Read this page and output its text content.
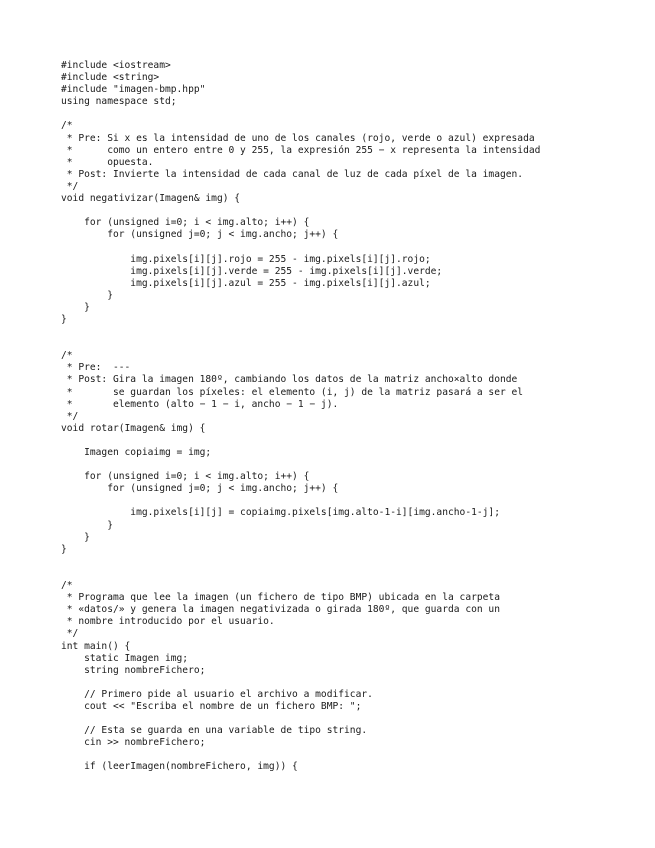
#include <iostream>
#include <string>
#include "imagen-bmp.hpp"
using namespace std;
/*
* Pre: Si x es la intensidad de uno de los canales (rojo, verde o azul) expresada
*      como un entero entre 0 y 255, la expresión 255 − x representa la intensidad
*      opuesta.
* Post: Invierte la intensidad de cada canal de luz de cada píxel de la imagen.
*/
void negativizar(Imagen& img) {
for (unsigned i=0; i < img.alto; i++) {
for (unsigned j=0; j < img.ancho; j++) {
img.pixels[i][j].rojo = 255 - img.pixels[i][j].rojo;
img.pixels[i][j].verde = 255 - img.pixels[i][j].verde;
img.pixels[i][j].azul = 255 - img.pixels[i][j].azul;
}
}
}
/*
* Pre:  ---
* Post: Gira la imagen 180º, cambiando los datos de la matriz ancho×alto donde
*       se guardan los píxeles: el elemento (i, j) de la matriz pasará a ser el
*       elemento (alto − 1 − i, ancho − 1 − j).
*/
void rotar(Imagen& img) {
Imagen copiaimg = img;
for (unsigned i=0; i < img.alto; i++) {
for (unsigned j=0; j < img.ancho; j++) {
img.pixels[i][j] = copiaimg.pixels[img.alto-1-i][img.ancho-1-j];
}
}
}
/*
* Programa que lee la imagen (un fichero de tipo BMP) ubicada en la carpeta
* «datos/» y genera la imagen negativizada o girada 180º, que guarda con un
* nombre introducido por el usuario.
*/
int main() {
static Imagen img;
string nombreFichero;
// Primero pide al usuario el archivo a modificar.
cout << "Escriba el nombre de un fichero BMP: ";
// Esta se guarda en una variable de tipo string.
cin >> nombreFichero;
if (leerImagen(nombreFichero, img)) {
